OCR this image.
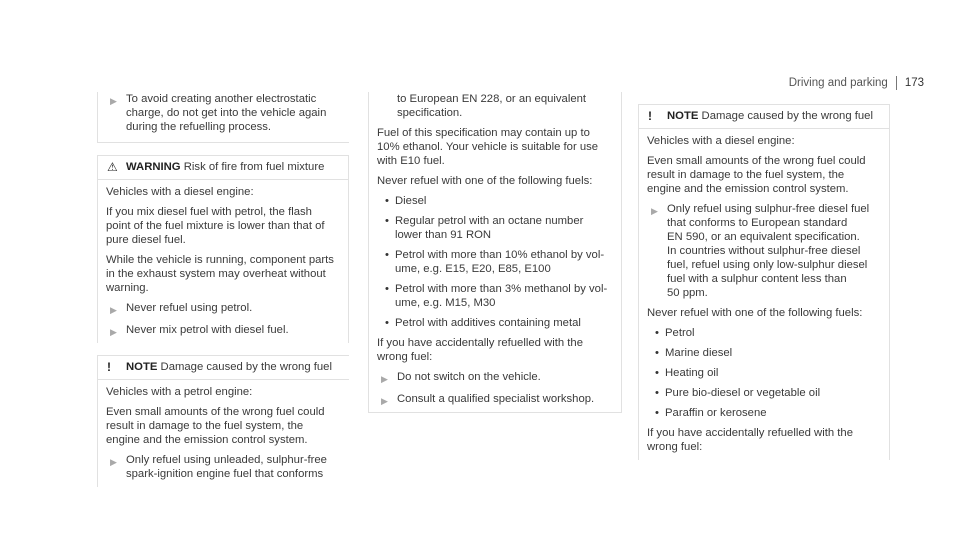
Driving and parking 173
▶ To avoid creating another electrostatic
charge, do not get into the vehicle again
during the refuelling process.
⚠ WARNING Risk of fire from fuel mixture
Vehicles with a diesel engine:
If you mix diesel fuel with petrol, the flash
point of the fuel mixture is lower than that of
pure diesel fuel.
While the vehicle is running, component parts
in the exhaust system may overheat without
warning.
▶ Never refuel using petrol.
▶ Never mix petrol with diesel fuel.
! NOTE Damage caused by the wrong fuel
Vehicles with a petrol engine:
Even small amounts of the wrong fuel could
result in damage to the fuel system, the
engine and the emission control system.
▶ Only refuel using unleaded, sulphur-free
spark-ignition engine fuel that conforms
to European EN 228, or an equivalent
specification.
Fuel of this specification may contain up to
10% ethanol. Your vehicle is suitable for use
with E10 fuel.
Never refuel with one of the following fuels:
• Diesel
• Regular petrol with an octane number
lower than 91 RON
• Petrol with more than 10% ethanol by vol-
ume, e.g. E15, E20, E85, E100
• Petrol with more than 3% methanol by vol-
ume, e.g. M15, M30
• Petrol with additives containing metal
If you have accidentally refuelled with the
wrong fuel:
▶ Do not switch on the vehicle.
▶ Consult a qualified specialist workshop.
! NOTE Damage caused by the wrong fuel
Vehicles with a diesel engine:
Even small amounts of the wrong fuel could
result in damage to the fuel system, the
engine and the emission control system.
▶ Only refuel using sulphur-free diesel fuel
that conforms to European standard
EN 590, or an equivalent specification.
In countries without sulphur-free diesel
fuel, refuel using only low-sulphur diesel
fuel with a sulphur content less than
50 ppm.
Never refuel with one of the following fuels:
• Petrol
• Marine diesel
• Heating oil
• Pure bio-diesel or vegetable oil
• Paraffin or kerosene
If you have accidentally refuelled with the
wrong fuel:
